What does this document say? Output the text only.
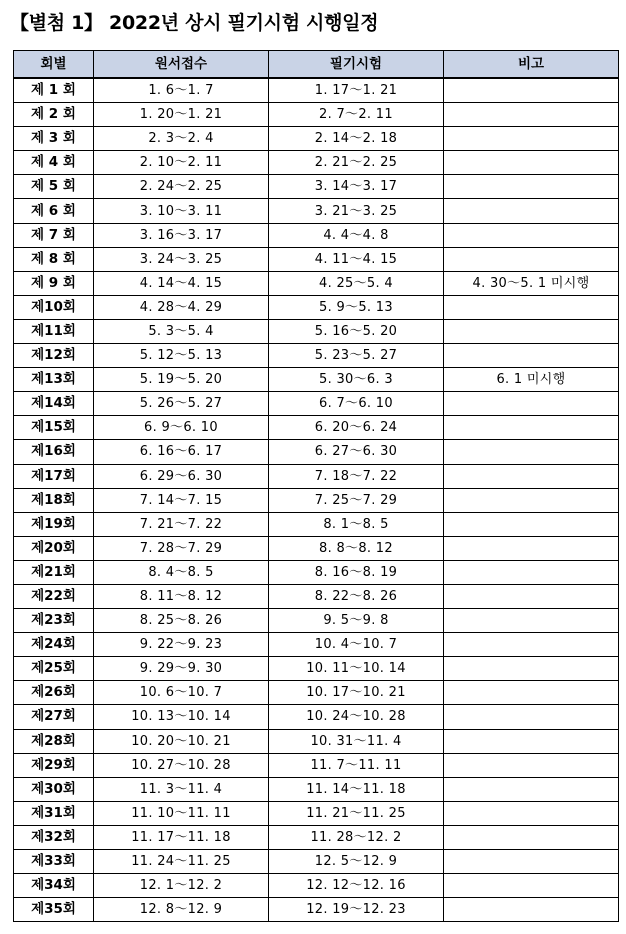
【별첨 1】 2022년 상시 필기시험 시행일정
회별	원서접수	필기시험	비고
제 1 회	1. 6～1. 7	1. 17～1. 21	
제 2 회	1. 20～1. 21	2. 7～2. 11	
제 3 회	2. 3～2. 4	2. 14～2. 18	
제 4 회	2. 10～2. 11	2. 21～2. 25	
제 5 회	2. 24～2. 25	3. 14～3. 17	
제 6 회	3. 10～3. 11	3. 21～3. 25	
제 7 회	3. 16～3. 17	4. 4～4. 8	
제 8 회	3. 24～3. 25	4. 11～4. 15	
제 9 회	4. 14～4. 15	4. 25～5. 4	4. 30～5. 1 미시행
제10회	4. 28～4. 29	5. 9～5. 13	
제11회	5. 3～5. 4	5. 16～5. 20	
제12회	5. 12～5. 13	5. 23～5. 27	
제13회	5. 19～5. 20	5. 30～6. 3	6. 1 미시행
제14회	5. 26～5. 27	6. 7～6. 10	
제15회	6. 9～6. 10	6. 20～6. 24	
제16회	6. 16～6. 17	6. 27～6. 30	
제17회	6. 29～6. 30	7. 18～7. 22	
제18회	7. 14～7. 15	7. 25～7. 29	
제19회	7. 21～7. 22	8. 1～8. 5	
제20회	7. 28～7. 29	8. 8～8. 12	
제21회	8. 4～8. 5	8. 16～8. 19	
제22회	8. 11～8. 12	8. 22～8. 26	
제23회	8. 25～8. 26	9. 5～9. 8	
제24회	9. 22～9. 23	10. 4～10. 7	
제25회	9. 29～9. 30	10. 11～10. 14	
제26회	10. 6～10. 7	10. 17～10. 21	
제27회	10. 13～10. 14	10. 24～10. 28	
제28회	10. 20～10. 21	10. 31～11. 4	
제29회	10. 27～10. 28	11. 7～11. 11	
제30회	11. 3～11. 4	11. 14～11. 18	
제31회	11. 10～11. 11	11. 21～11. 25	
제32회	11. 17～11. 18	11. 28～12. 2	
제33회	11. 24～11. 25	12. 5～12. 9	
제34회	12. 1～12. 2	12. 12～12. 16	
제35회	12. 8～12. 9	12. 19～12. 23	
